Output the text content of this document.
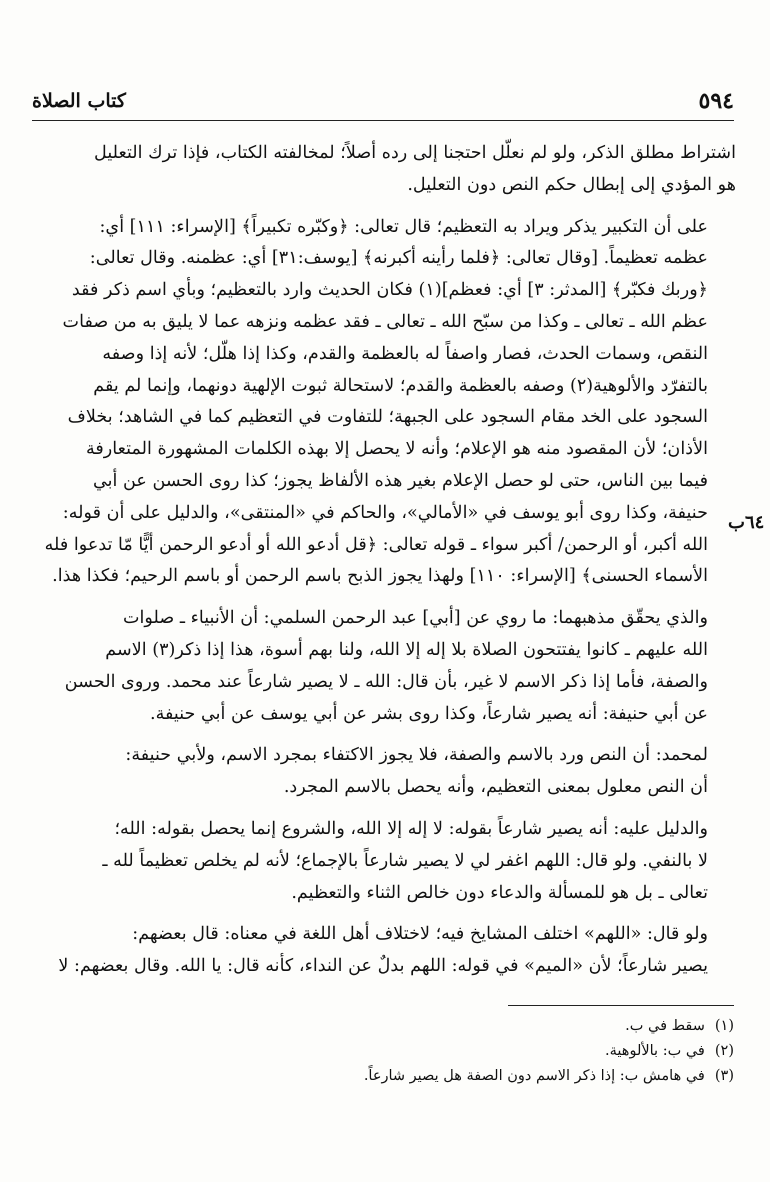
٥٩٤
كتاب الصلاة
٦٤ب
اشتراط مطلق الذكر، ولو لم نعلّل احتجنا إلى رده أصلاً؛ لمخالفته الكتاب، فإذا ترك التعليل
هو المؤدي إلى إبطال حكم النص دون التعليل.
على أن التكبير يذكر ويراد به التعظيم؛ قال تعالى: ﴿وكبّره تكبيراً﴾ [الإسراء: ١١١] أي:
عظمه تعظيماً. [وقال تعالى: ﴿فلما رأينه أكبرنه﴾ [يوسف:٣١] أي: عظمنه. وقال تعالى:
﴿وربك فكبّر﴾ [المدثر: ٣] أي: فعظم](١) فكان الحديث وارد بالتعظيم؛ وبأي اسم ذكر فقد
عظم الله ـ تعالى ـ وكذا من سبّح الله ـ تعالى ـ فقد عظمه ونزهه عما لا يليق به من صفات
النقص، وسمات الحدث، فصار واصفاً له بالعظمة والقدم، وكذا إذا هلّل؛ لأنه إذا وصفه
بالتفرّد والألوهية(٢) وصفه بالعظمة والقدم؛ لاستحالة ثبوت الإلهية دونهما، وإنما لم يقم
السجود على الخد مقام السجود على الجبهة؛ للتفاوت في التعظيم كما في الشاهد؛ بخلاف
الأذان؛ لأن المقصود منه هو الإعلام؛ وأنه لا يحصل إلا بهذه الكلمات المشهورة المتعارفة
فيما بين الناس، حتى لو حصل الإعلام بغير هذه الألفاظ يجوز؛ كذا روى الحسن عن أبي
حنيفة، وكذا روى أبو يوسف في «الأمالي»، والحاكم في «المنتقى»، والدليل على أن قوله:
الله أكبر، أو الرحمن/ أكبر سواء ـ قوله تعالى: ﴿قل أدعو الله أو أدعو الرحمن أيًّا مّا تدعوا فله
الأسماء الحسنى﴾ [الإسراء: ١١٠] ولهذا يجوز الذبح باسم الرحمن أو باسم الرحيم؛ فكذا هذا.
والذي يحقّق مذهبهما: ما روي عن [أبي] عبد الرحمن السلمي: أن الأنبياء ـ صلوات
الله عليهم ـ كانوا يفتتحون الصلاة بلا إله إلا الله، ولنا بهم أسوة، هذا إذا ذكر(٣) الاسم
والصفة، فأما إذا ذكر الاسم لا غير، بأن قال: الله ـ لا يصير شارعاً عند محمد. وروى الحسن
عن أبي حنيفة: أنه يصير شارعاً، وكذا روى بشر عن أبي يوسف عن أبي حنيفة.
لمحمد: أن النص ورد بالاسم والصفة، فلا يجوز الاكتفاء بمجرد الاسم، ولأبي حنيفة:
أن النص معلول بمعنى التعظيم، وأنه يحصل بالاسم المجرد.
والدليل عليه: أنه يصير شارعاً بقوله: لا إله إلا الله، والشروع إنما يحصل بقوله: الله؛
لا بالنفي. ولو قال: اللهم اغفر لي لا يصير شارعاً بالإجماع؛ لأنه لم يخلص تعظيماً لله ـ
تعالى ـ بل هو للمسألة والدعاء دون خالص الثناء والتعظيم.
ولو قال: «اللهم» اختلف المشايخ فيه؛ لاختلاف أهل اللغة في معناه: قال بعضهم:
يصير شارعاً؛ لأن «الميم» في قوله: اللهم بدلٌ عن النداء، كأنه قال: يا الله. وقال بعضهم: لا
(١)سقط في ب.
(٢)في ب: بالألوهية.
(٣)في هامش ب: إذا ذكر الاسم دون الصفة هل يصير شارعاً.
